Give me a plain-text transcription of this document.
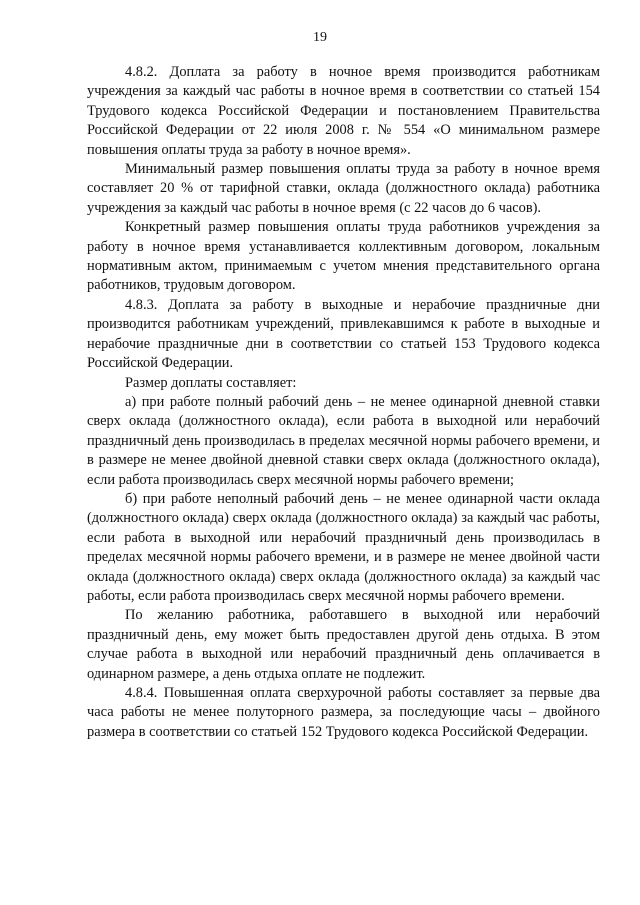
19

4.8.2. Доплата за работу в ночное время производится работникам учреждения за каждый час работы в ночное время в соответствии со статьей 154 Трудового кодекса Российской Федерации и постановлением Правительства Российской Федерации от 22 июля 2008 г. № 554 «О минимальном размере повышения оплаты труда за работу в ночное время».

Минимальный размер повышения оплаты труда за работу в ночное время составляет 20 % от тарифной ставки, оклада (должностного оклада) работника учреждения за каждый час работы в ночное время (с 22 часов до 6 часов).

Конкретный размер повышения оплаты труда работников учреждения за работу в ночное время устанавливается коллективным договором, локальным нормативным актом, принимаемым с учетом мнения представительного органа работников, трудовым договором.

4.8.3. Доплата за работу в выходные и нерабочие праздничные дни производится работникам учреждений, привлекавшимся к работе в выходные и нерабочие праздничные дни в соответствии со статьей 153 Трудового кодекса Российской Федерации.

Размер доплаты составляет:

а) при работе полный рабочий день – не менее одинарной дневной ставки сверх оклада (должностного оклада), если работа в выходной или нерабочий праздничный день производилась в пределах месячной нормы рабочего времени, и в размере не менее двойной дневной ставки сверх оклада (должностного оклада), если работа производилась сверх месячной нормы рабочего времени;

б) при работе неполный рабочий день – не менее одинарной части оклада (должностного оклада) сверх оклада (должностного оклада) за каждый час работы, если работа в выходной или нерабочий праздничный день производилась в пределах месячной нормы рабочего времени, и в размере не менее двойной части оклада (должностного оклада) сверх оклада (должностного оклада) за каждый час работы, если работа производилась сверх месячной нормы рабочего времени.

По желанию работника, работавшего в выходной или нерабочий праздничный день, ему может быть предоставлен другой день отдыха. В этом случае работа в выходной или нерабочий праздничный день оплачивается в одинарном размере, а день отдыха оплате не подлежит.

4.8.4. Повышенная оплата сверхурочной работы составляет за первые два часа работы не менее полуторного размера, за последующие часы – двойного размера в соответствии со статьей 152 Трудового кодекса Российской Федерации.
